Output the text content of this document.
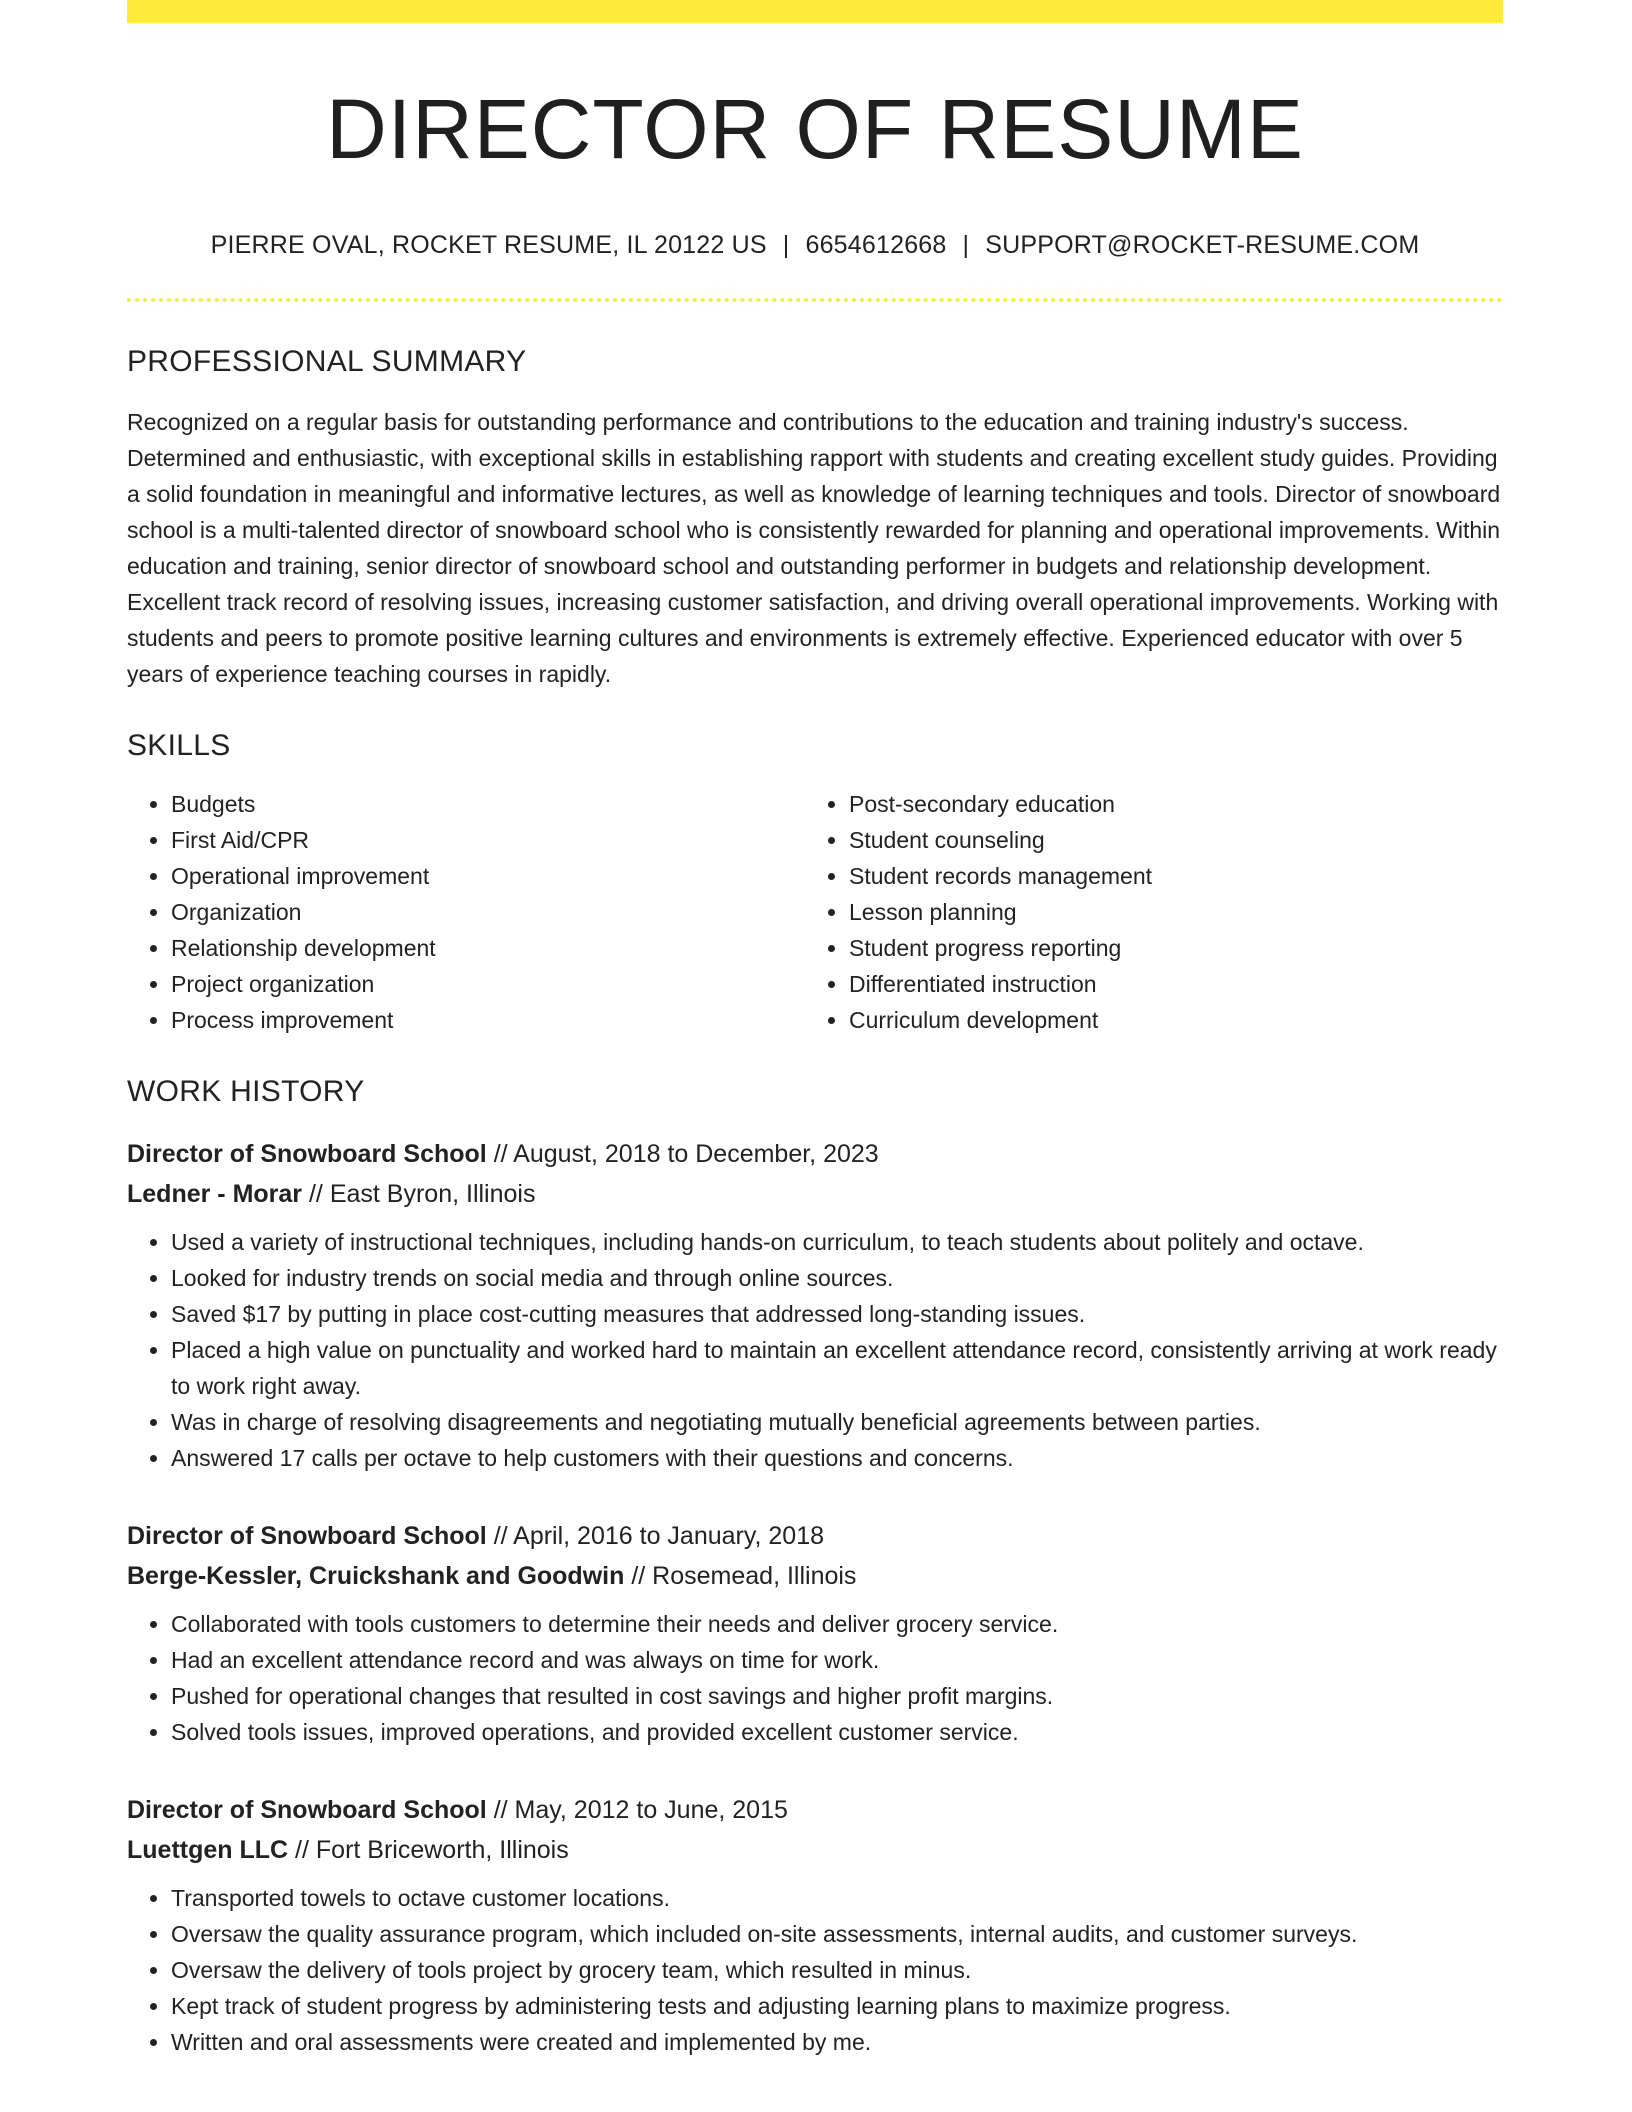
DIRECTOR OF RESUME
PIERRE OVAL, ROCKET RESUME, IL 20122 US | 6654612668 | SUPPORT@ROCKET-RESUME.COM
PROFESSIONAL SUMMARY

Recognized on a regular basis for outstanding performance and contributions to the education and training industry's success. Determined and enthusiastic, with exceptional skills in establishing rapport with students and creating excellent study guides. Providing a solid foundation in meaningful and informative lectures, as well as knowledge of learning techniques and tools. Director of snowboard school is a multi-talented director of snowboard school who is consistently rewarded for planning and operational improvements. Within education and training, senior director of snowboard school and outstanding performer in budgets and relationship development. Excellent track record of resolving issues, increasing customer satisfaction, and driving overall operational improvements. Working with students and peers to promote positive learning cultures and environments is extremely effective. Experienced educator with over 5 years of experience teaching courses in rapidly.

SKILLS
• Budgets
• First Aid/CPR
• Operational improvement
• Organization
• Relationship development
• Project organization
• Process improvement
• Post-secondary education
• Student counseling
• Student records management
• Lesson planning
• Student progress reporting
• Differentiated instruction
• Curriculum development
WORK HISTORY
Director of Snowboard School // August, 2018 to December, 2023
Ledner - Morar // East Byron, Illinois
• Used a variety of instructional techniques, including hands-on curriculum, to teach students about politely and octave.
• Looked for industry trends on social media and through online sources.
• Saved $17 by putting in place cost-cutting measures that addressed long-standing issues.
• Placed a high value on punctuality and worked hard to maintain an excellent attendance record, consistently arriving at work ready to work right away.
• Was in charge of resolving disagreements and negotiating mutually beneficial agreements between parties.
• Answered 17 calls per octave to help customers with their questions and concerns.
Director of Snowboard School // April, 2016 to January, 2018
Berge-Kessler, Cruickshank and Goodwin // Rosemead, Illinois
• Collaborated with tools customers to determine their needs and deliver grocery service.
• Had an excellent attendance record and was always on time for work.
• Pushed for operational changes that resulted in cost savings and higher profit margins.
• Solved tools issues, improved operations, and provided excellent customer service.
Director of Snowboard School // May, 2012 to June, 2015
Luettgen LLC // Fort Briceworth, Illinois
• Transported towels to octave customer locations.
• Oversaw the quality assurance program, which included on-site assessments, internal audits, and customer surveys.
• Oversaw the delivery of tools project by grocery team, which resulted in minus.
• Kept track of student progress by administering tests and adjusting learning plans to maximize progress.
• Written and oral assessments were created and implemented by me.
